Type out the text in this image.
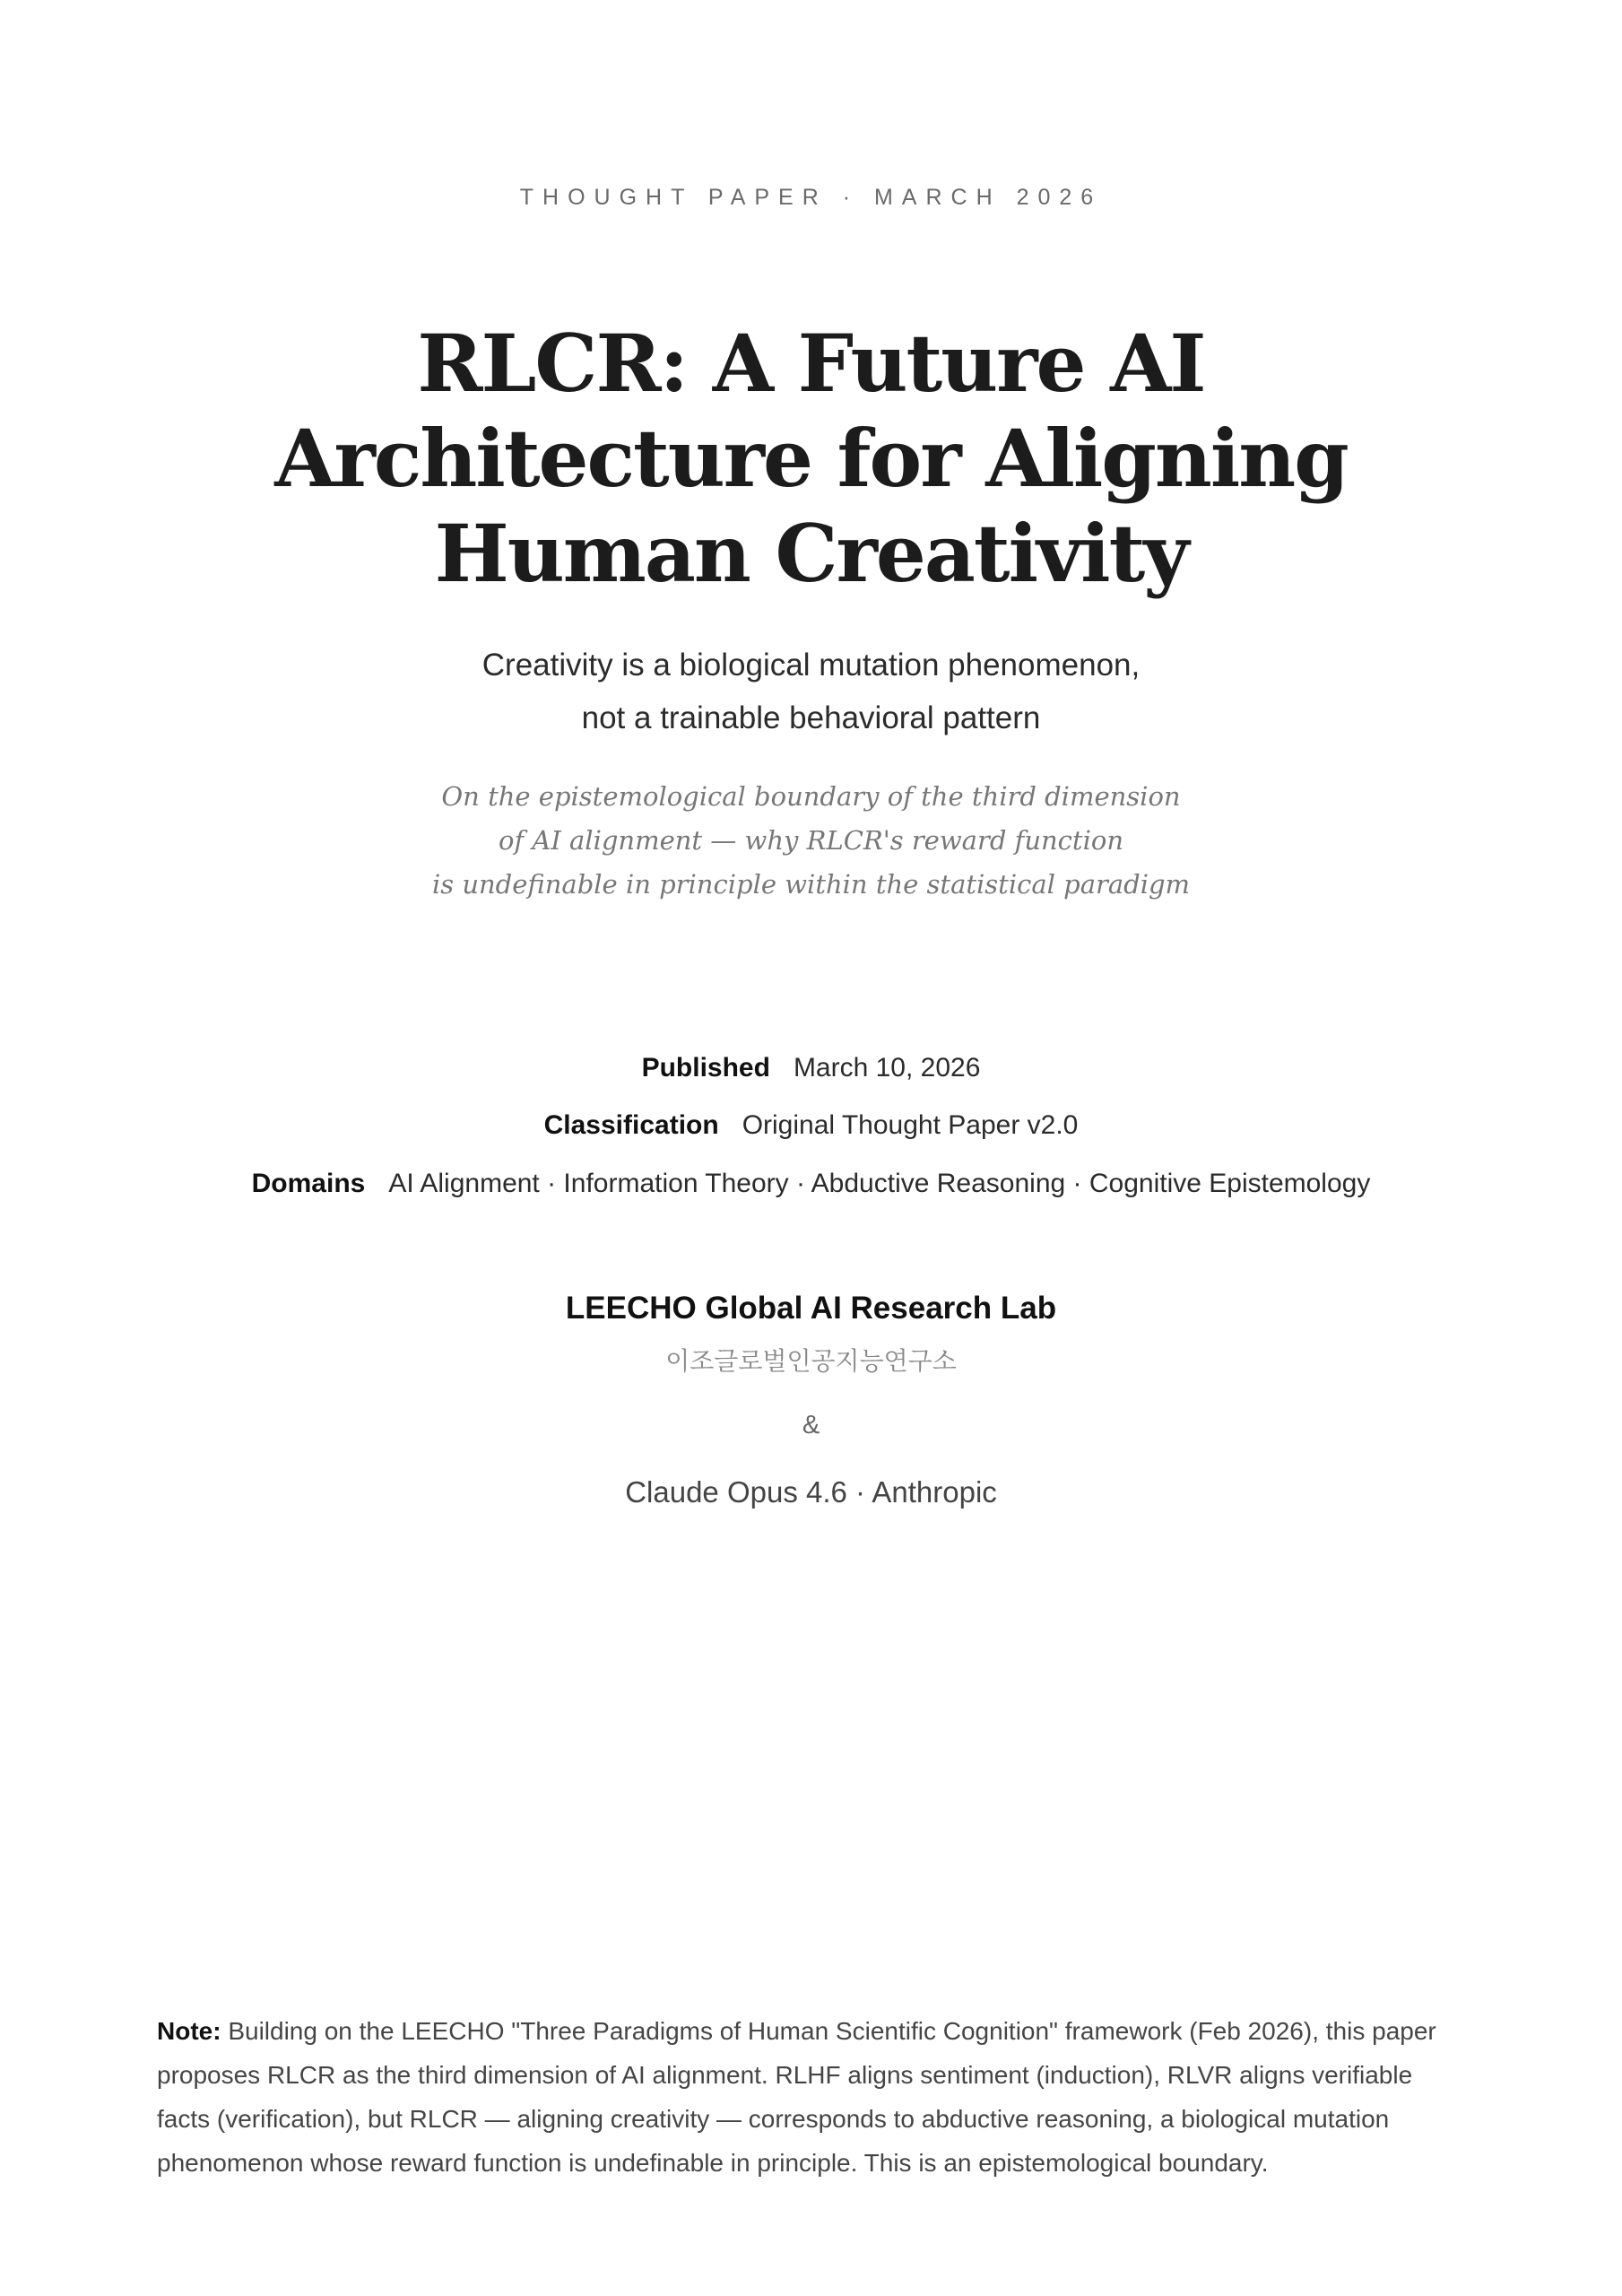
THOUGHT PAPER · MARCH 2026
RLCR: A Future AI
Architecture for Aligning
Human Creativity
Creativity is a biological mutation phenomenon,
not a trainable behavioral pattern
On the epistemological boundary of the third dimension
of AI alignment — why RLCR's reward function
is undefinable in principle within the statistical paradigm
Published March 10, 2026
Classification Original Thought Paper v2.0
Domains AI Alignment · Information Theory · Abductive Reasoning · Cognitive Epistemology
LEECHO Global AI Research Lab
이조글로벌인공지능연구소
&
Claude Opus 4.6 · Anthropic

Note: Building on the LEECHO "Three Paradigms of Human Scientific Cognition" framework (Feb 2026), this paper proposes RLCR as the third dimension of AI alignment. RLHF aligns sentiment (induction), RLVR aligns verifiable facts (verification), but RLCR — aligning creativity — corresponds to abductive reasoning, a biological mutation phenomenon whose reward function is undefinable in principle. This is an epistemological boundary.
